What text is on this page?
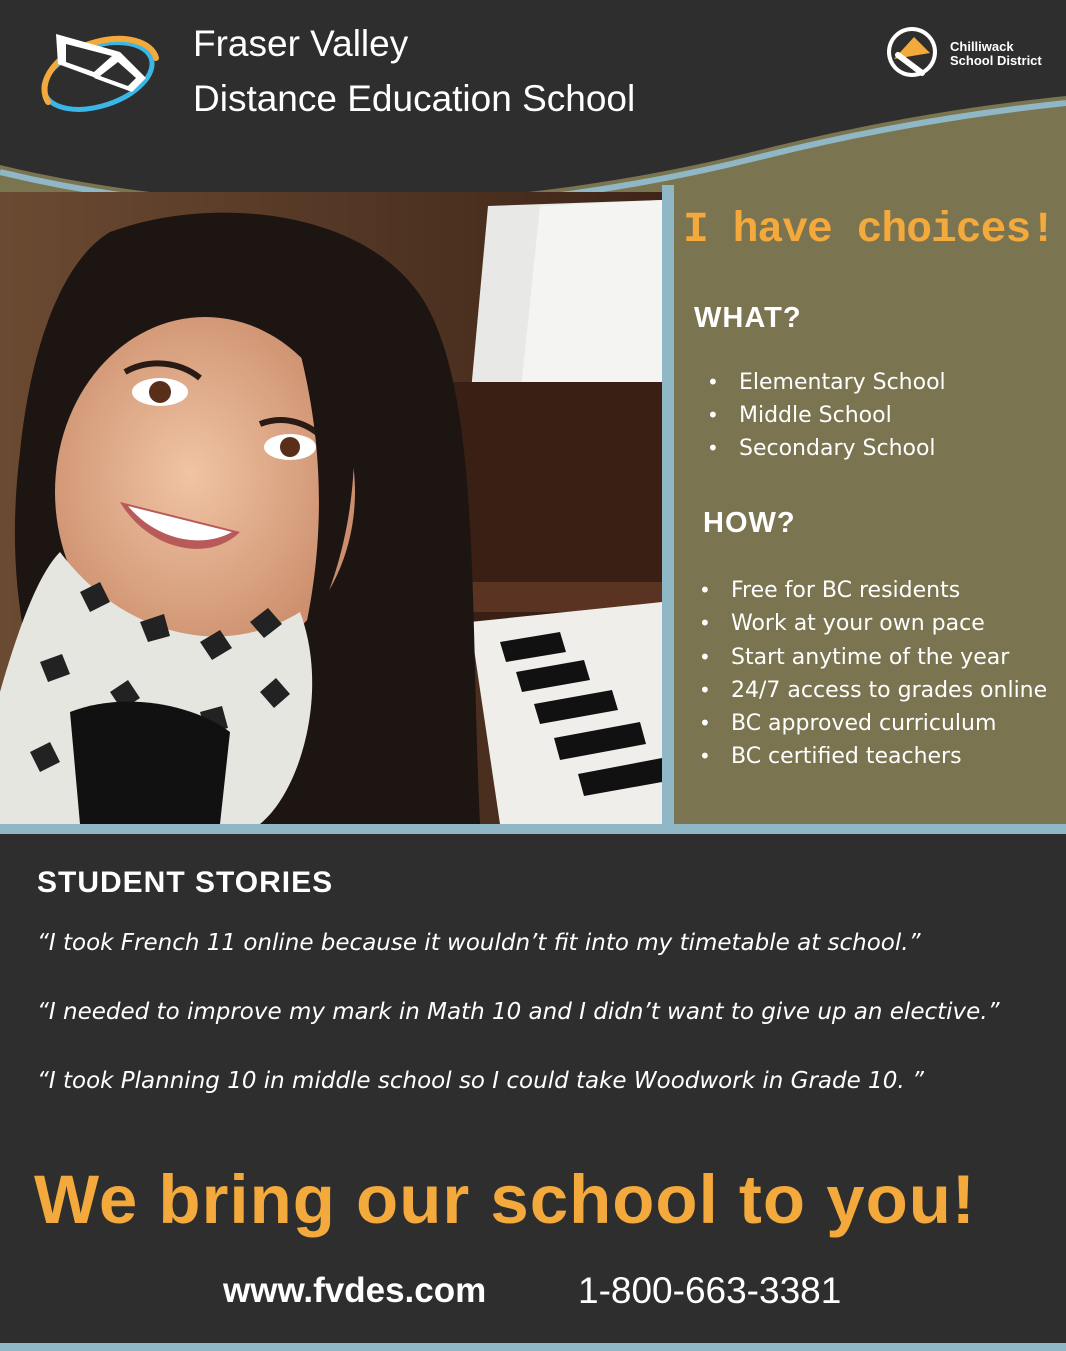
Fraser Valley
Distance Education School
Chilliwack
School District
I have choices!
WHAT?
• Elementary School
• Middle School
• Secondary School
HOW?
• Free for BC residents
• Work at your own pace
• Start anytime of the year
• 24/7 access to grades online
• BC approved curriculum
• BC certified teachers
STUDENT STORIES
“I took French 11 online because it wouldn’t fit into my timetable at school.”
“I needed to improve my mark in Math 10 and I didn’t want to give up an elective.”
“I took Planning 10 in middle school so I could take Woodwork in Grade 10. ”
We bring our school to you!
www.fvdes.com 1-800-663-3381
